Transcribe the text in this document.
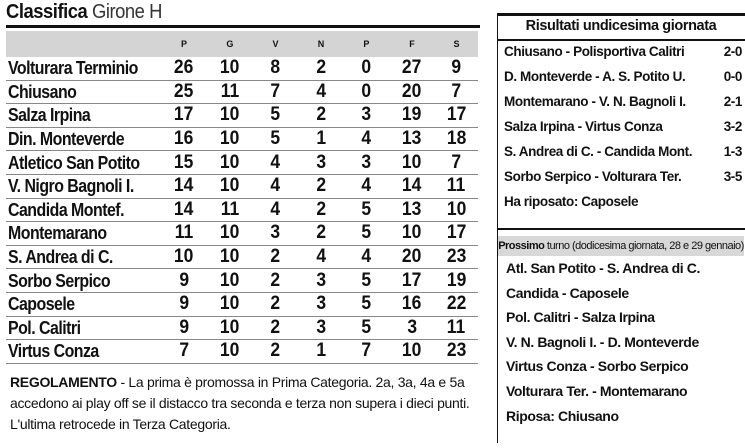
Classifica Girone H
	P	G	V	N	P	F	S
Volturara Terminio	26	10	8	2	0	27	9
Chiusano	25	11	7	4	0	20	7
Salza Irpina	17	10	5	2	3	19	17
Din. Monteverde	16	10	5	1	4	13	18
Atletico San Potito	15	10	4	3	3	10	7
V. Nigro Bagnoli I.	14	10	4	2	4	14	11
Candida Montef.	14	11	4	2	5	13	10
Montemarano	11	10	3	2	5	10	17
S. Andrea di C.	10	10	2	4	4	20	23
Sorbo Serpico	9	10	2	3	5	17	19
Caposele	9	10	2	3	5	16	22
Pol. Calitri	9	10	2	3	5	3	11
Virtus Conza	7	10	2	1	7	10	23
REGOLAMENTO - La prima è promossa in Prima Categoria. 2a, 3a, 4a e 5a accedono ai play off se il distacco tra seconda e terza non supera i dieci punti. L'ultima retrocede in Terza Categoria.
Risultati undicesima giornata
Chiusano - Polisportiva Calitri	2-0
D. Monteverde - A. S. Potito U.	0-0
Montemarano - V. N. Bagnoli I.	2-1
Salza Irpina - Virtus Conza	3-2
S. Andrea di C. - Candida Mont. 1-3
Sorbo Serpico - Volturara Ter.	3-5
Ha riposato: Caposele
Prossimo turno (dodicesima giornata, 28 e 29 gennaio)
Atl. San Potito - S. Andrea di C.
Candida - Caposele
Pol. Calitri - Salza Irpina
V. N. Bagnoli I. - D. Monteverde
Virtus Conza - Sorbo Serpico
Volturara Ter. - Montemarano
Riposa: Chiusano
